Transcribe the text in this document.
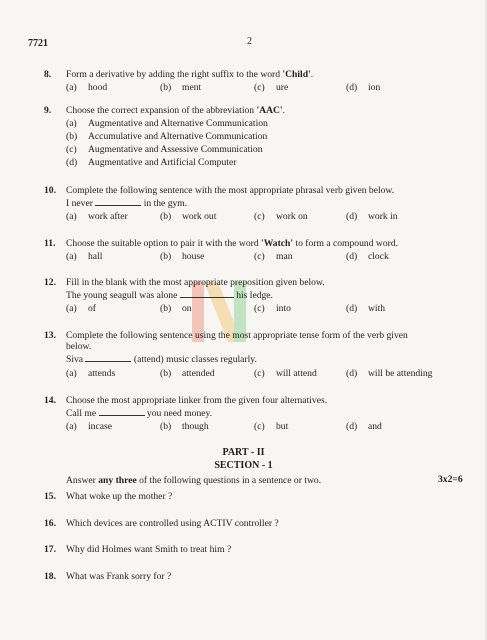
7721	2
8. Form a derivative by adding the right suffix to the word 'Child'.
(a) hood	(b) ment	(c) ure	(d) ion
9. Choose the correct expansion of the abbreviation 'AAC'.
(a) Augmentative and Alternative Communication
(b) Accumulative and Alternative Communication
(c) Augmentative and Assessive Communication
(d) Augmentative and Artificial Computer
10. Complete the following sentence with the most appropriate phrasal verb given below.
I never	in the gym.
(a) work after	(b) work out	(c) work on	(d) work in
11. Choose the suitable option to pair it with the word 'Watch' to form a compound word.
(a) hall	(b) house	(c) man	(d) clock
12. Fill in the blank with the most appropriate preposition given below.
The young seagull was alone	his ledge.
(a) of	(b) on	(c) into	(d) with
13. Complete the following sentence using the most appropriate tense form of the verb given
below.
Siva	(attend) music classes regularly.
(a) attends	(b) attended	(c) will attend	(d) will be attending
14. Choose the most appropriate linker from the given four alternatives.
Call me	you need money.
(a) incase	(b) though	(c) but	(d) and
PART - II
SECTION - 1
Answer any three of the following questions in a sentence or two.	3x2=6
15. What woke up the mother ?
16. Which devices are controlled using ACTIV controller ?
17. Why did Holmes want Smith to treat him ?
18. What was Frank sorry for ?
